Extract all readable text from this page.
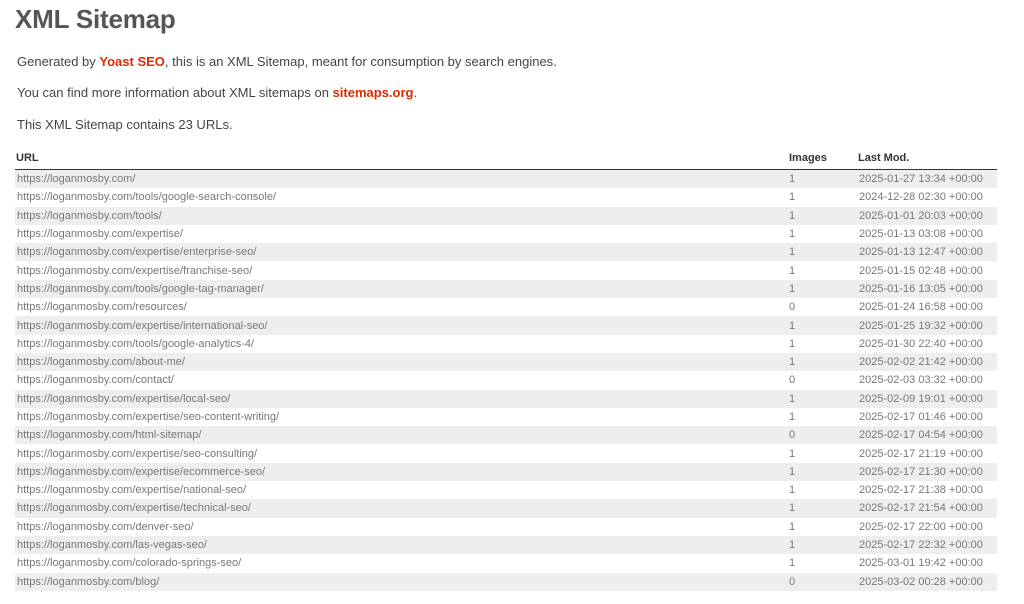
XML Sitemap

Generated by Yoast SEO, this is an XML Sitemap, meant for consumption by search engines.

You can find more information about XML sitemaps on sitemaps.org.

This XML Sitemap contains 23 URLs.

URL	Images	Last Mod.
https://loganmosby.com/	1	2025-01-27 13:34 +00:00
https://loganmosby.com/tools/google-search-console/	1	2024-12-28 02:30 +00:00
https://loganmosby.com/tools/	1	2025-01-01 20:03 +00:00
https://loganmosby.com/expertise/	1	2025-01-13 03:08 +00:00
https://loganmosby.com/expertise/enterprise-seo/	1	2025-01-13 12:47 +00:00
https://loganmosby.com/expertise/franchise-seo/	1	2025-01-15 02:48 +00:00
https://loganmosby.com/tools/google-tag-manager/	1	2025-01-16 13:05 +00:00
https://loganmosby.com/resources/	0	2025-01-24 16:58 +00:00
https://loganmosby.com/expertise/international-seo/	1	2025-01-25 19:32 +00:00
https://loganmosby.com/tools/google-analytics-4/	1	2025-01-30 22:40 +00:00
https://loganmosby.com/about-me/	1	2025-02-02 21:42 +00:00
https://loganmosby.com/contact/	0	2025-02-03 03:32 +00:00
https://loganmosby.com/expertise/local-seo/	1	2025-02-09 19:01 +00:00
https://loganmosby.com/expertise/seo-content-writing/	1	2025-02-17 01:46 +00:00
https://loganmosby.com/html-sitemap/	0	2025-02-17 04:54 +00:00
https://loganmosby.com/expertise/seo-consulting/	1	2025-02-17 21:19 +00:00
https://loganmosby.com/expertise/ecommerce-seo/	1	2025-02-17 21:30 +00:00
https://loganmosby.com/expertise/national-seo/	1	2025-02-17 21:38 +00:00
https://loganmosby.com/expertise/technical-seo/	1	2025-02-17 21:54 +00:00
https://loganmosby.com/denver-seo/	1	2025-02-17 22:00 +00:00
https://loganmosby.com/las-vegas-seo/	1	2025-02-17 22:32 +00:00
https://loganmosby.com/colorado-springs-seo/	1	2025-03-01 19:42 +00:00
https://loganmosby.com/blog/	0	2025-03-02 00:28 +00:00
